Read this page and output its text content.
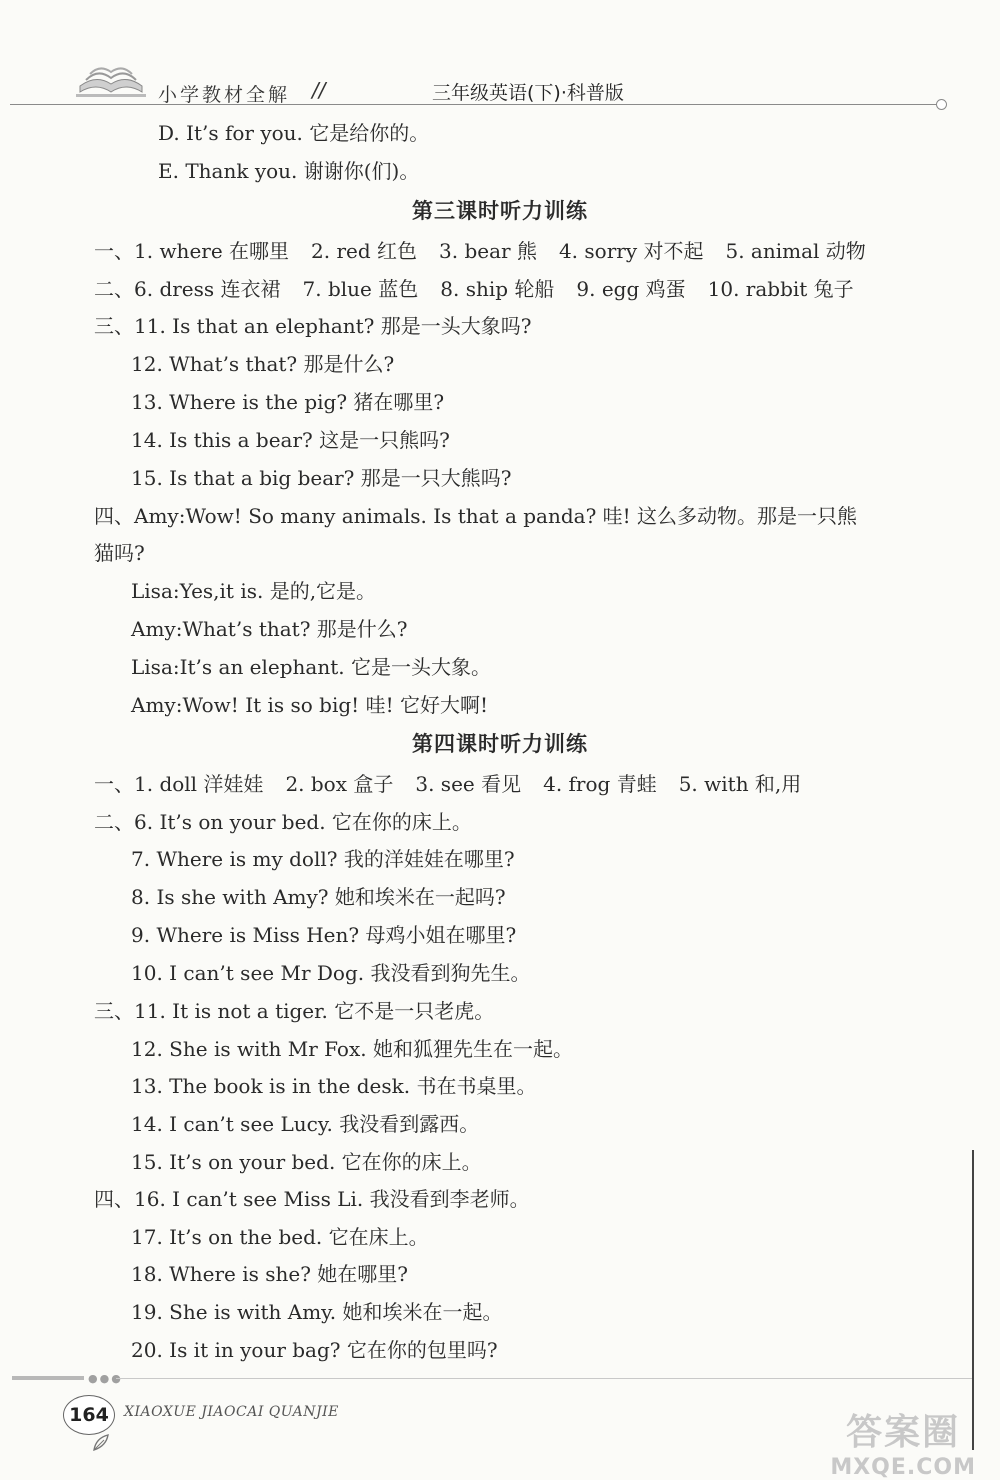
小学教材全解 //	三年级英语(下)·科普版
D. It’s for you. 它是给你的。
E. Thank you. 谢谢你(们)。
第三课时听力训练
一、1. where 在哪里 2. red 红色 3. bear 熊 4. sorry 对不起 5. animal 动物
二、6. dress 连衣裙 7. blue 蓝色 8. ship 轮船 9. egg 鸡蛋 10. rabbit 兔子
三、11. Is that an elephant? 那是一头大象吗?
12. What’s that? 那是什么?
13. Where is the pig? 猪在哪里?
14. Is this a bear? 这是一只熊吗?
15. Is that a big bear? 那是一只大熊吗?
四、Amy:Wow! So many animals. Is that a panda? 哇! 这么多动物。那是一只熊
猫吗?
Lisa:Yes,it is. 是的,它是。
Amy:What’s that? 那是什么?
Lisa:It’s an elephant. 它是一头大象。
Amy:Wow! It is so big! 哇! 它好大啊!
第四课时听力训练
一、1. doll 洋娃娃 2. box 盒子 3. see 看见 4. frog 青蛙 5. with 和,用
二、6. It’s on your bed. 它在你的床上。
7. Where is my doll? 我的洋娃娃在哪里?
8. Is she with Amy? 她和埃米在一起吗?
9. Where is Miss Hen? 母鸡小姐在哪里?
10. I can’t see Mr Dog. 我没看到狗先生。
三、11. It is not a tiger. 它不是一只老虎。
12. She is with Mr Fox. 她和狐狸先生在一起。
13. The book is in the desk. 书在书桌里。
14. I can’t see Lucy. 我没看到露西。
15. It’s on your bed. 它在你的床上。
四、16. I can’t see Miss Li. 我没看到李老师。
17. It’s on the bed. 它在床上。
18. Where is she? 她在哪里?
19. She is with Amy. 她和埃米在一起。
20. Is it in your bag? 它在你的包里吗?
●●●
164	XIAOXUE JIAOCAI QUANJIE	答案圈
MXQE.COM
